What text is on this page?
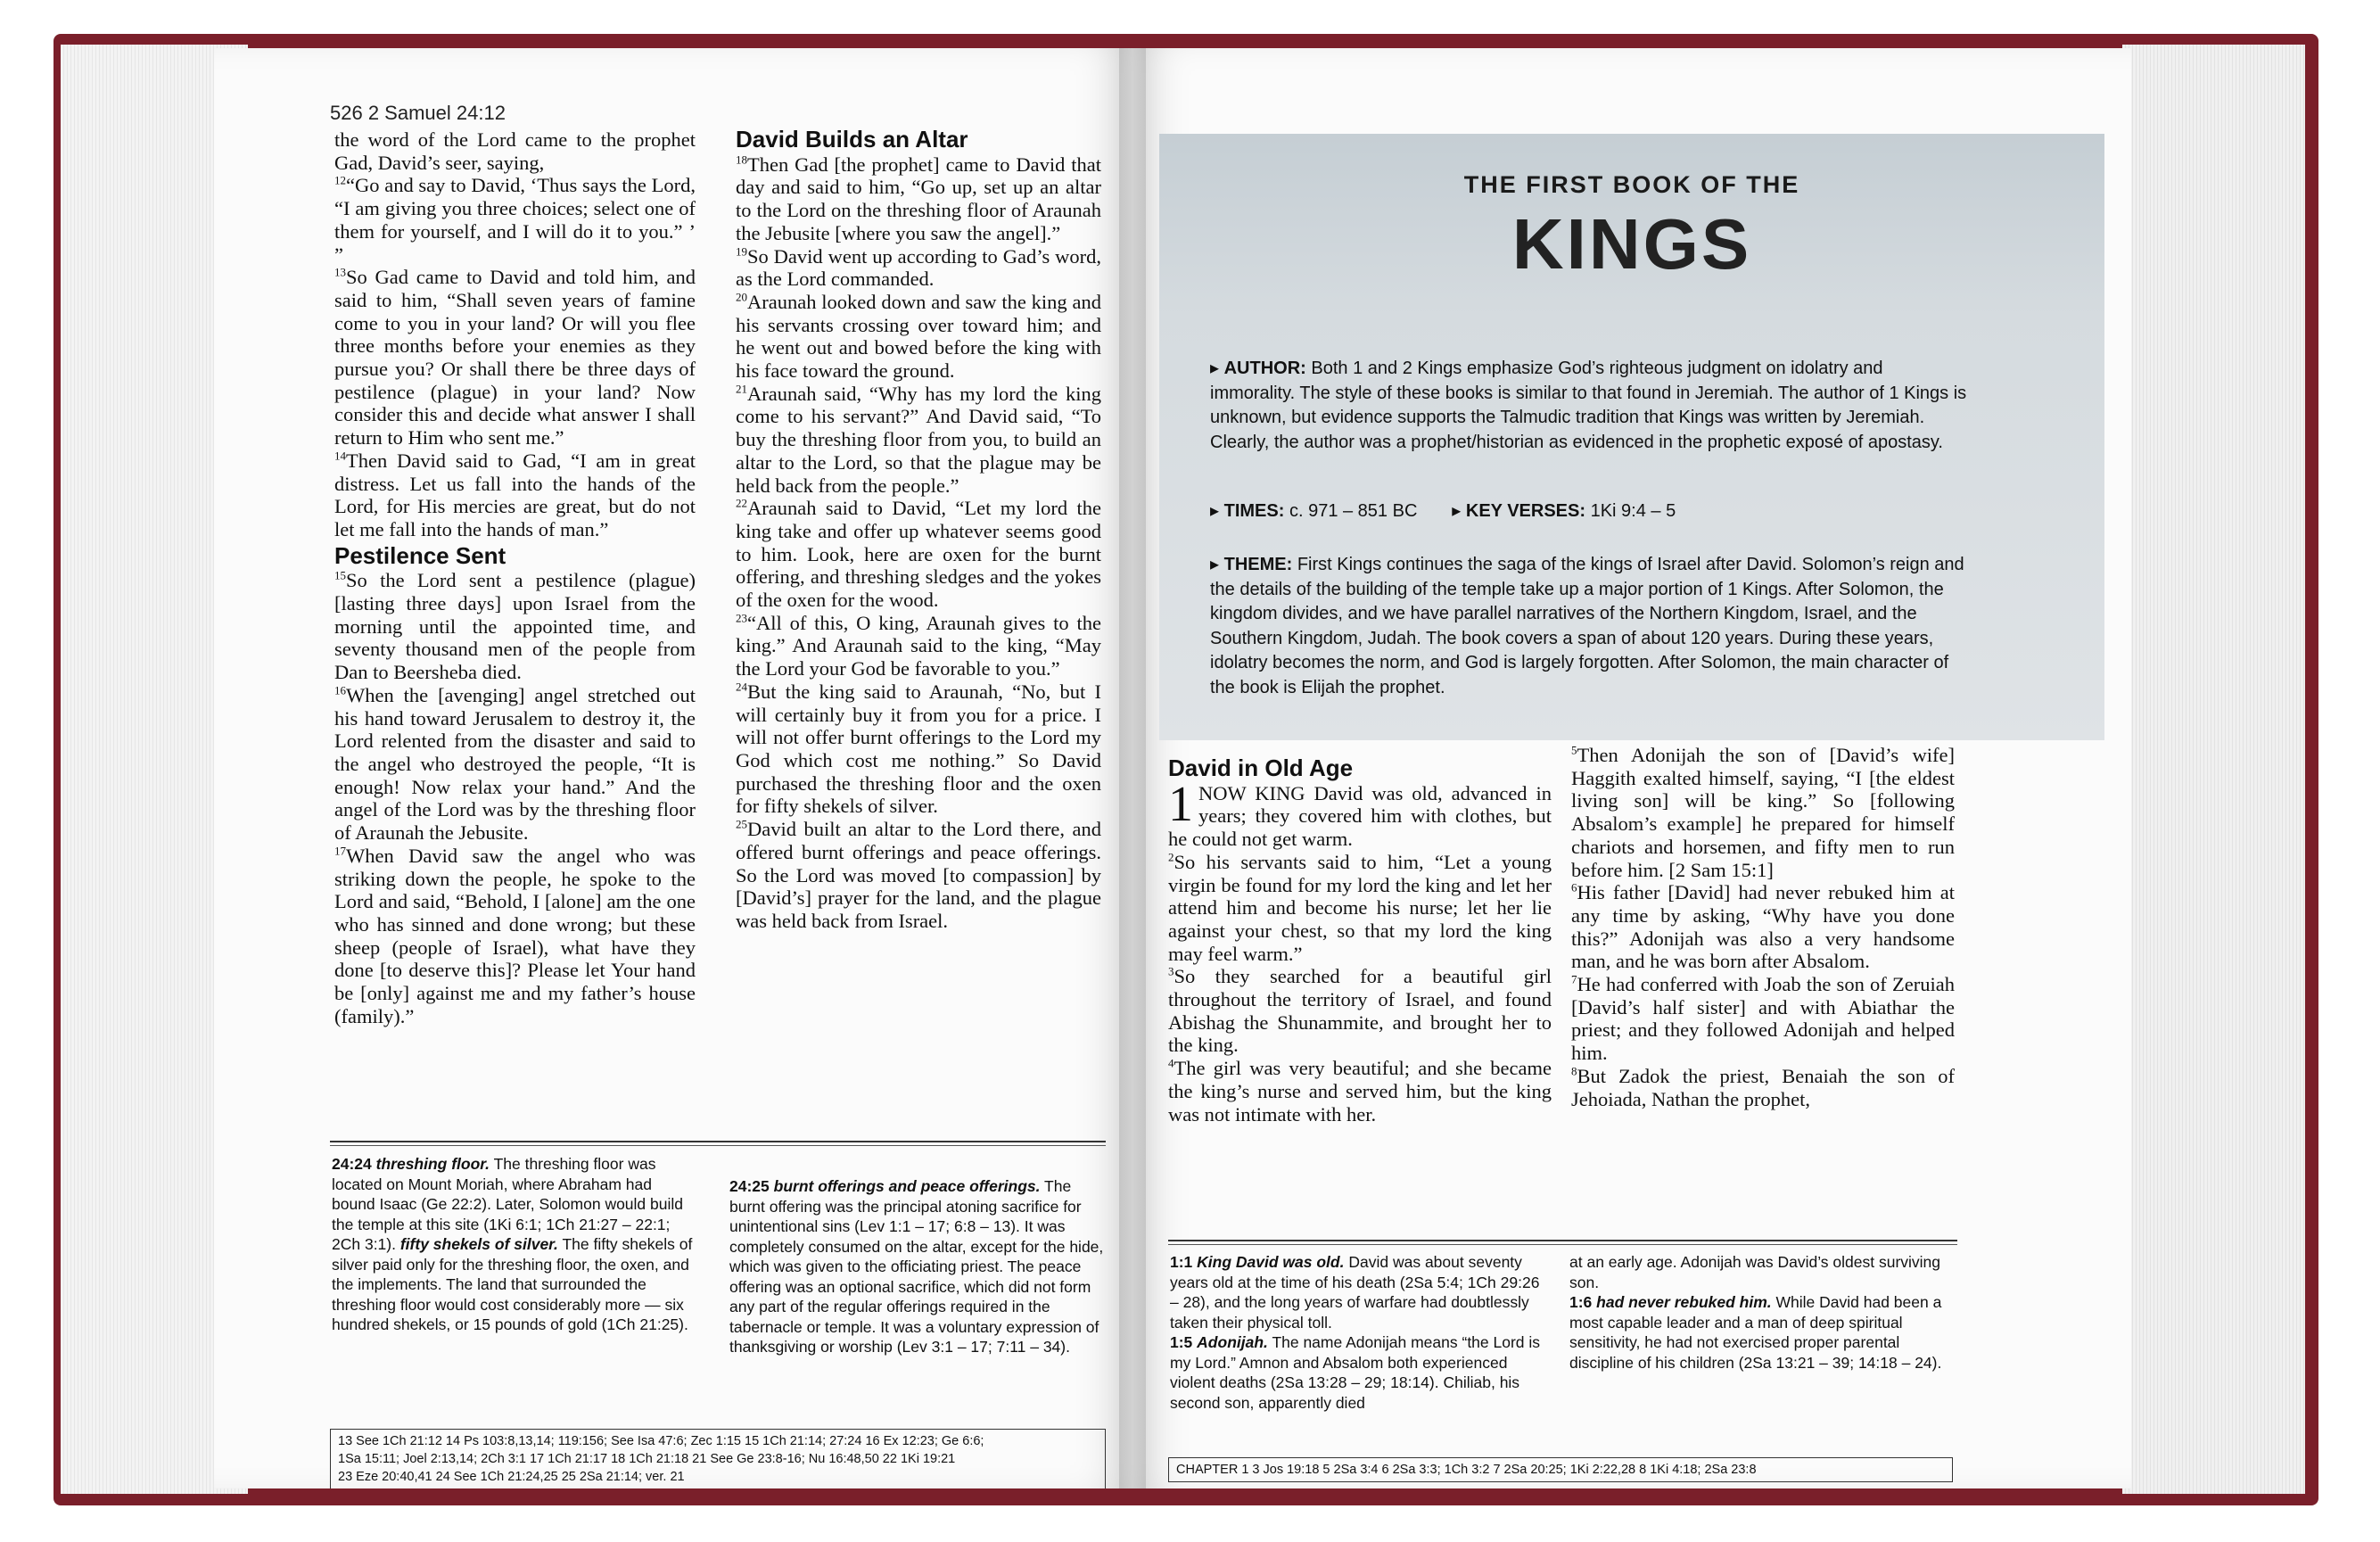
526 2 Samuel 24:12

the word of the Lord came to the prophet Gad, David’s seer, saying,

$^{12}$“Go and say to David, ‘Thus says the Lord, “I am giving you three choices; select one of them for yourself, and I will do it to you.” ’ ”

$^{13}$So Gad came to David and told him, and said to him, “Shall seven years of famine come to you in your land? Or will you flee three months before your enemies as they pursue you? Or shall there be three days of pestilence (plague) in your land? Now consider this and decide what answer I shall return to Him who sent me.”

$^{14}$Then David said to Gad, “I am in great distress. Let us fall into the hands of the Lord, for His mercies are great, but do not let me fall into the hands of man.”

Pestilence Sent

$^{15}$So the Lord sent a pestilence (plague) [lasting three days] upon Israel from the morning until the appointed time, and seventy thousand men of the people from Dan to Beersheba died.

$^{16}$When the [avenging] angel stretched out his hand toward Jerusalem to destroy it, the Lord relented from the disaster and said to the angel who destroyed the people, “It is enough! Now relax your hand.” And the angel of the Lord was by the threshing floor of Araunah the Jebusite.

$^{17}$When David saw the angel who was striking down the people, he spoke to the Lord and said, “Behold, I [alone] am the one who has sinned and done wrong; but these sheep (people of Israel), what have they done [to deserve this]? Please let Your hand be [only] against me and my father’s house (family).”

David Builds an Altar

$^{18}$Then Gad [the prophet] came to David that day and said to him, “Go up, set up an altar to the Lord on the threshing floor of Araunah the Jebusite [where you saw the angel].”

$^{19}$So David went up according to Gad’s word, as the Lord commanded.

$^{20}$Araunah looked down and saw the king and his servants crossing over toward him; and he went out and bowed before the king with his face toward the ground.

$^{21}$Araunah said, “Why has my lord the king come to his servant?” And David said, “To buy the threshing floor from you, to build an altar to the Lord, so that the plague may be held back from the people.”

$^{22}$Araunah said to David, “Let my lord the king take and offer up whatever seems good to him. Look, here are oxen for the burnt offering, and threshing sledges and the yokes of the oxen for the wood.

$^{23}$“All of this, O king, Araunah gives to the king.” And Araunah said to the king, “May the Lord your God be favorable to you.”

$^{24}$But the king said to Araunah, “No, but I will certainly buy it from you for a price. I will not offer burnt offerings to the Lord my God which cost me nothing.” So David purchased the threshing floor and the oxen for fifty shekels of silver.

$^{25}$David built an altar to the Lord there, and offered burnt offerings and peace offerings. So the Lord was moved [to compassion] by [David’s] prayer for the land, and the plague was held back from Israel.

24:24 threshing floor. The threshing floor was located on Mount Moriah, where Abraham had bound Isaac (Ge 22:2). Later, Solomon would build the temple at this site (1Ki 6:1; 1Ch 21:27 – 22:1; 2Ch 3:1). fifty shekels of silver. The fifty shekels of silver paid only for the threshing floor, the oxen, and the implements. The land that surrounded the threshing floor would cost considerably more — six hundred shekels, or 15 pounds of gold (1Ch 21:25).

24:25 burnt offerings and peace offerings. The burnt offering was the principal atoning sacrifice for unintentional sins (Lev 1:1 – 17; 6:8 – 13). It was completely consumed on the altar, except for the hide, which was given to the officiating priest. The peace offering was an optional sacrifice, which did not form any part of the regular offerings required in the tabernacle or temple. It was a voluntary expression of thanksgiving or worship (Lev 3:1 – 17; 7:11 – 34).

13 See 1Ch 21:12 14 Ps 103:8,13,14; 119:156; See Isa 47:6; Zec 1:15 15 1Ch 21:14; 27:24 16 Ex 12:23; Ge 6:6;

1Sa 15:11; Joel 2:13,14; 2Ch 3:1 17 1Ch 21:17 18 1Ch 21:18 21 See Ge 23:8-16; Nu 16:48,50 22 1Ki 19:21

23 Eze 20:40,41 24 See 1Ch 21:24,25 25 2Sa 21:14; ver. 21

THE FIRST BOOK OF THE
KINGS

▸ AUTHOR: Both 1 and 2 Kings emphasize God’s righteous judgment on idolatry and immorality. The style of these books is similar to that found in Jeremiah. The author of 1 Kings is unknown, but evidence supports the Talmudic tradition that Kings was written by Jeremiah. Clearly, the author was a prophet/historian as evidenced in the prophetic exposé of apostasy.

▸ TIMES: c. 971 – 851 BC       ▸ KEY VERSES: 1Ki 9:4 – 5

▸ THEME: First Kings continues the saga of the kings of Israel after David. Solomon’s reign and the details of the building of the temple take up a major portion of 1 Kings. After Solomon, the kingdom divides, and we have parallel narratives of the Northern Kingdom, Israel, and the Southern Kingdom, Judah. The book covers a span of about 120 years. During these years, idolatry becomes the norm, and God is largely forgotten. After Solomon, the main character of the book is Elijah the prophet.

David in Old Age

1 NOW KING David was old, advanced in years; they covered him with clothes, but he could not get warm.

$^2$So his servants said to him, “Let a young virgin be found for my lord the king and let her attend him and become his nurse; let her lie against your chest, so that my lord the king may feel warm.”

$^3$So they searched for a beautiful girl throughout the territory of Israel, and found Abishag the Shunammite, and brought her to the king.

$^4$The girl was very beautiful; and she became the king’s nurse and served him, but the king was not intimate with her.

$^5$Then Adonijah the son of [David’s wife] Haggith exalted himself, saying, “I [the eldest living son] will be king.” So [following Absalom’s example] he prepared for himself chariots and horsemen, and fifty men to run before him. [2 Sam 15:1]

$^6$His father [David] had never rebuked him at any time by asking, “Why have you done this?” Adonijah was also a very handsome man, and he was born after Absalom.

$^7$He had conferred with Joab the son of Zeruiah [David’s half sister] and with Abiathar the priest; and they followed Adonijah and helped him.

$^8$But Zadok the priest, Benaiah the son of Jehoiada, Nathan the prophet,

1:1 King David was old. David was about seventy years old at the time of his death (2Sa 5:4; 1Ch 29:26 – 28), and the long years of warfare had doubtlessly taken their physical toll.

1:5 Adonijah. The name Adonijah means “the Lord is my Lord.” Amnon and Absalom both experienced violent deaths (2Sa 13:28 – 29; 18:14). Chiliab, his second son, apparently died

at an early age. Adonijah was David’s oldest surviving son.

1:6 had never rebuked him. While David had been a most capable leader and a man of deep spiritual sensitivity, he had not exercised proper parental discipline of his children (2Sa 13:21 – 39; 14:18 – 24).

CHAPTER 1 3 Jos 19:18 5 2Sa 3:4 6 2Sa 3:3; 1Ch 3:2 7 2Sa 20:25; 1Ki 2:22,28 8 1Ki 4:18; 2Sa 23:8
